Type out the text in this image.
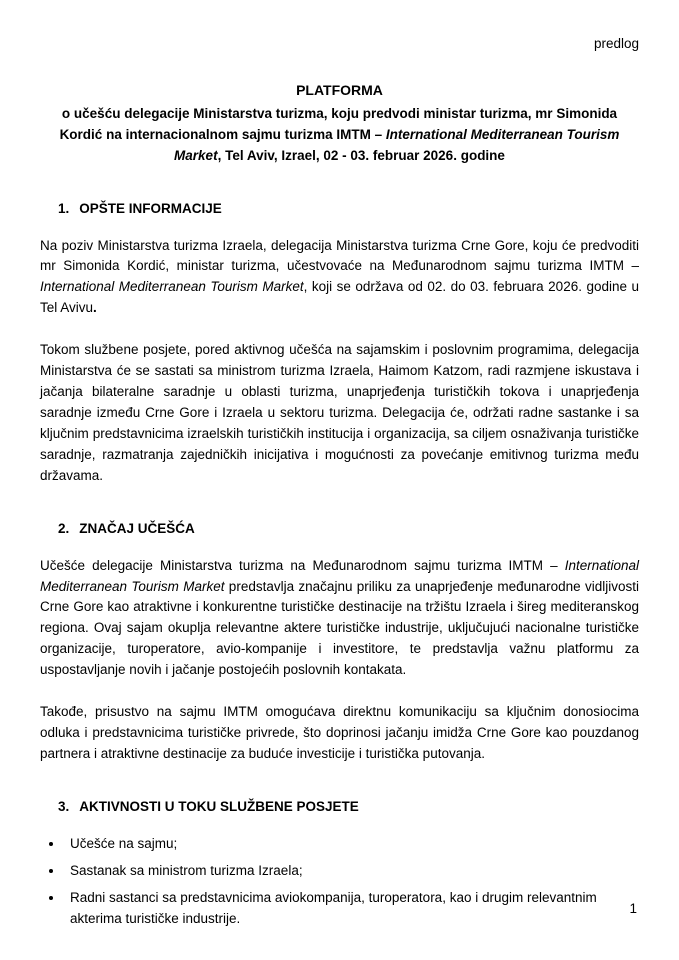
predlog
PLATFORMA

o učešću delegacije Ministarstva turizma, koju predvodi ministar turizma, mr Simonida Kordić na internacionalnom sajmu turizma IMTM – International Mediterranean Tourism Market, Tel Aviv, Izrael, 02 - 03. februar 2026. godine

1. OPŠTE INFORMACIJE

Na poziv Ministarstva turizma Izraela, delegacija Ministarstva turizma Crne Gore, koju će predvoditi mr Simonida Kordić, ministar turizma, učestvovaće na Međunarodnom sajmu turizma IMTM – International Mediterranean Tourism Market, koji se održava od 02. do 03. februara 2026. godine u Tel Avivu.

Tokom službene posjete, pored aktivnog učešća na sajamskim i poslovnim programima, delegacija Ministarstva će se sastati sa ministrom turizma Izraela, Haimom Katzom, radi razmjene iskustava i jačanja bilateralne saradnje u oblasti turizma, unaprjeđenja turističkih tokova i unaprjeđenja saradnje između Crne Gore i Izraela u sektoru turizma. Delegacija će, održati radne sastanke i sa ključnim predstavnicima izraelskih turističkih institucija i organizacija, sa ciljem osnaživanja turističke saradnje, razmatranja zajedničkih inicijativa i mogućnosti za povećanje emitivnog turizma među državama.

2. ZNAČAJ UČEŠĆA

Učešće delegacije Ministarstva turizma na Međunarodnom sajmu turizma IMTM – International Mediterranean Tourism Market predstavlja značajnu priliku za unaprjeđenje međunarodne vidljivosti Crne Gore kao atraktivne i konkurentne turističke destinacije na tržištu Izraela i šireg mediteranskog regiona. Ovaj sajam okuplja relevantne aktere turističke industrije, uključujući nacionalne turističke organizacije, turoperatore, avio-kompanije i investitore, te predstavlja važnu platformu za uspostavljanje novih i jačanje postojećih poslovnih kontakata.

Takođe, prisustvo na sajmu IMTM omogućava direktnu komunikaciju sa ključnim donosiocima odluka i predstavnicima turističke privrede, što doprinosi jačanju imidža Crne Gore kao pouzdanog partnera i atraktivne destinacije za buduće investicije i turistička putovanja.

3. AKTIVNOSTI U TOKU SLUŽBENE POSJETE
• Učešće na sajmu;
• Sastanak sa ministrom turizma Izraela;
• Radni sastanci sa predstavnicima aviokompanija, turoperatora, kao i drugim relevantnim akterima turističke industrije.
1
